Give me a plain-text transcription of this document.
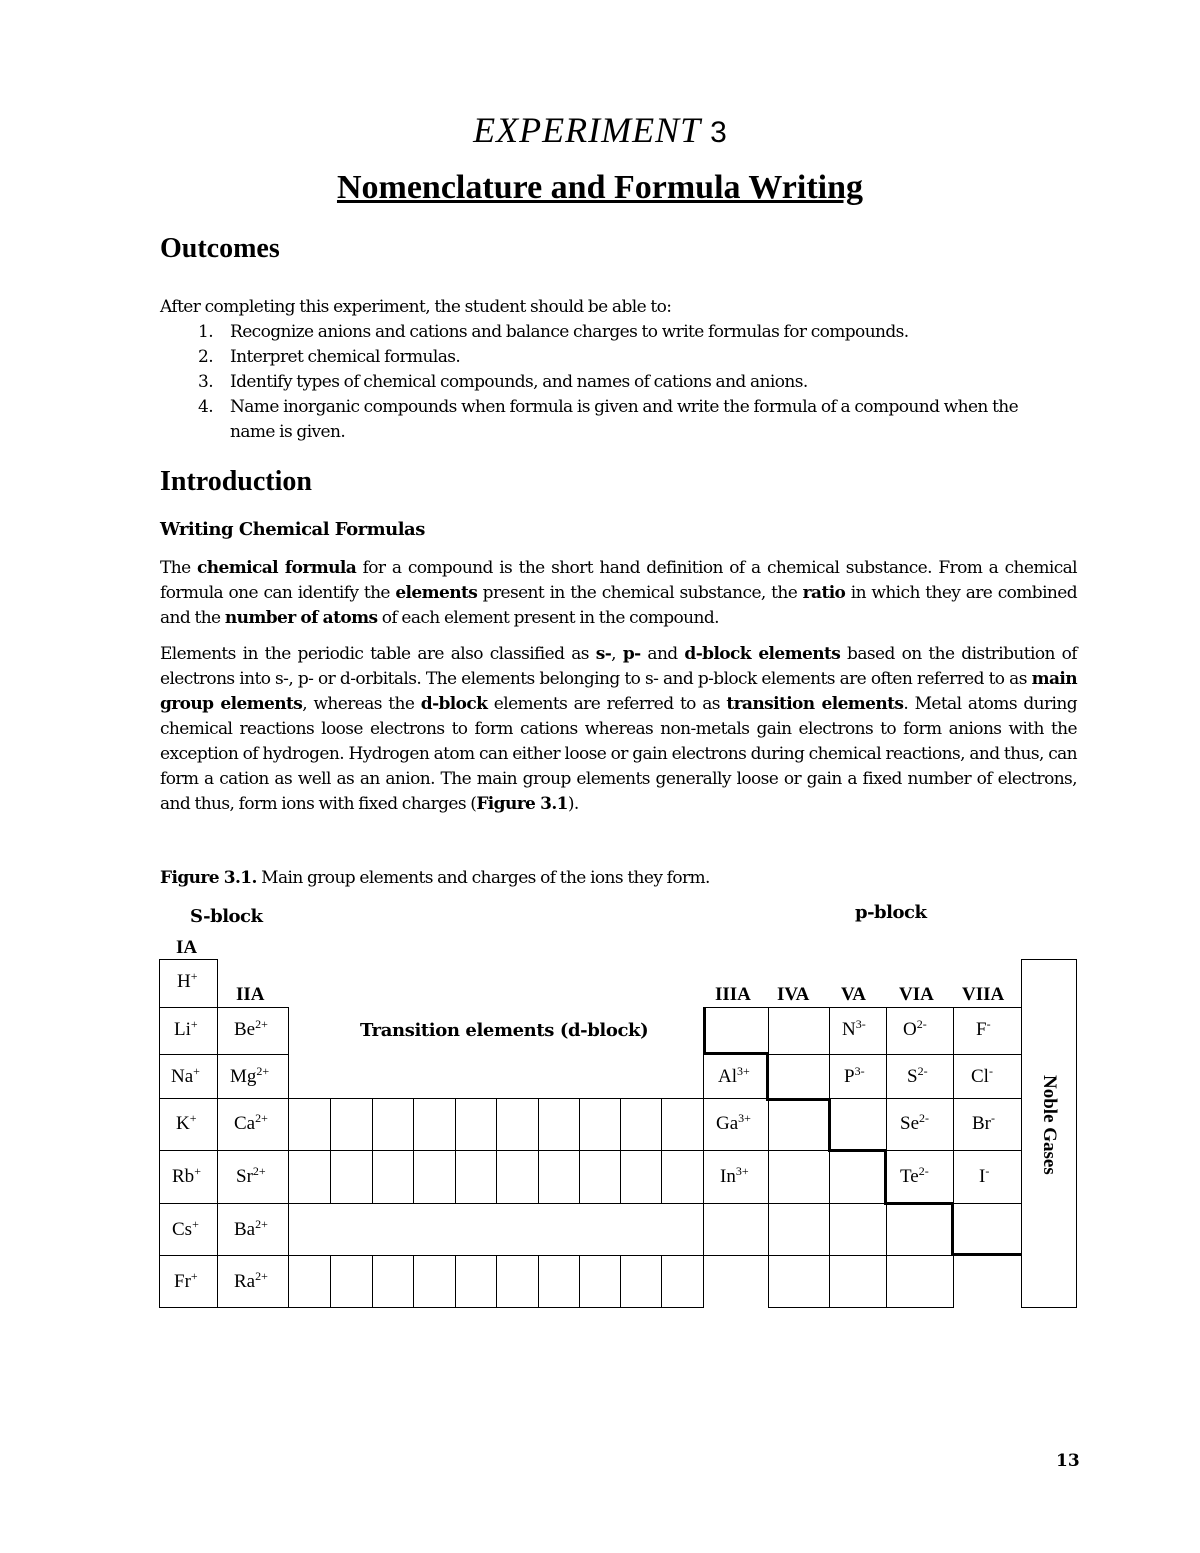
EXPERIMENT 3
Nomenclature and Formula Writing
Outcomes
After completing this experiment, the student should be able to:
1. Recognize anions and cations and balance charges to write formulas for compounds.
2. Interpret chemical formulas.
3. Identify types of chemical compounds, and names of cations and anions.
4. Name inorganic compounds when formula is given and write the formula of a compound when the name is given.
Introduction
Writing Chemical Formulas

The chemical formula for a compound is the short hand definition of a chemical substance. From a chemical formula one can identify the elements present in the chemical substance, the ratio in which they are combined and the number of atoms of each element present in the compound.

Elements in the periodic table are also classified as s-, p- and d-block elements based on the distribution of electrons into s-, p- or d-orbitals. The elements belonging to s- and p-block elements are often referred to as main group elements, whereas the d-block elements are referred to as transition elements. Metal atoms during chemical reactions loose electrons to form cations whereas non-metals gain electrons to form anions with the exception of hydrogen. Hydrogen atom can either loose or gain electrons during chemical reactions, and thus, can form a cation as well as an anion. The main group elements generally loose or gain a fixed number of electrons, and thus, form ions with fixed charges (Figure 3.1).

Figure 3.1. Main group elements and charges of the ions they form.
S-block	p-block
IA
IIA	IIIA IVA VA VIA VIIA
Transition elements (d-block)
Noble Gases
H+
Li+
Na+
K+
Rb+
Cs+
Fr+
$Be^{2+}$
$Mg^{2+}$
$Ca^{2+}$
$Sr^{2+}$
$Ba^{2+}$
$Ra^{2+}$
$Al^{3+}$
$Ga^{3+}$
$In^{3+}$
$N^{3-}$
$P^{3-}$
$O^{2-}$
$S^{2-}$
$Se^{2-}$
$Te^{2-}$
F-
Cl-
Br-
I-
13
